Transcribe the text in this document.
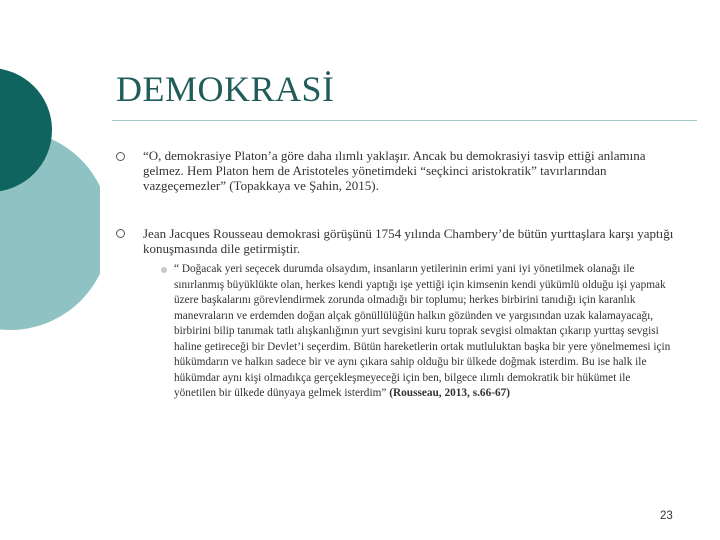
DEMOKRASİ
“O, demokrasiye Platon’a göre daha ılımlı yaklaşır. Ancak bu demokrasiyi tasvip ettiği anlamına gelmez. Hem Platon hem de Aristoteles yönetimdeki “seçkinci aristokratik” tavırlarından vazgeçemezler” (Topakkaya ve Şahin, 2015).
Jean Jacques Rousseau demokrasi görüşünü 1754 yılında Chambery’de bütün yurttaşlara karşı yaptığı konuşmasında dile getirmiştir.
“ Doğacak yeri seçecek durumda olsaydım, insanların yetilerinin erimi yani iyi yönetilmek olanağı ile sınırlanmış büyüklükte olan, herkes kendi yaptığı işe yettiği için kimsenin kendi yükümlü olduğu işi yapmak üzere başkalarını görevlendirmek zorunda olmadığı bir toplumu; herkes birbirini tanıdığı için karanlık manevraların ve erdemden doğan alçak gönüllülüğün halkın gözünden ve yargısından uzak kalamayacağı, birbirini bilip tanımak tatlı alışkanlığının yurt sevgisini kuru toprak sevgisi olmaktan çıkarıp yurttaş sevgisi haline getireceği bir Devlet’i seçerdim. Bütün hareketlerin ortak mutluluktan başka bir yere yönelmemesi için hükümdarın ve halkın sadece bir ve aynı çıkara sahip olduğu bir ülkede doğmak isterdim. Bu ise halk ile hükümdar aynı kişi olmadıkça gerçekleşmeyeceği için ben, bilgece ılımlı demokratik bir hükümet ile yönetilen bir ülkede dünyaya gelmek isterdim” (Rousseau, 2013, s.66-67)
23
